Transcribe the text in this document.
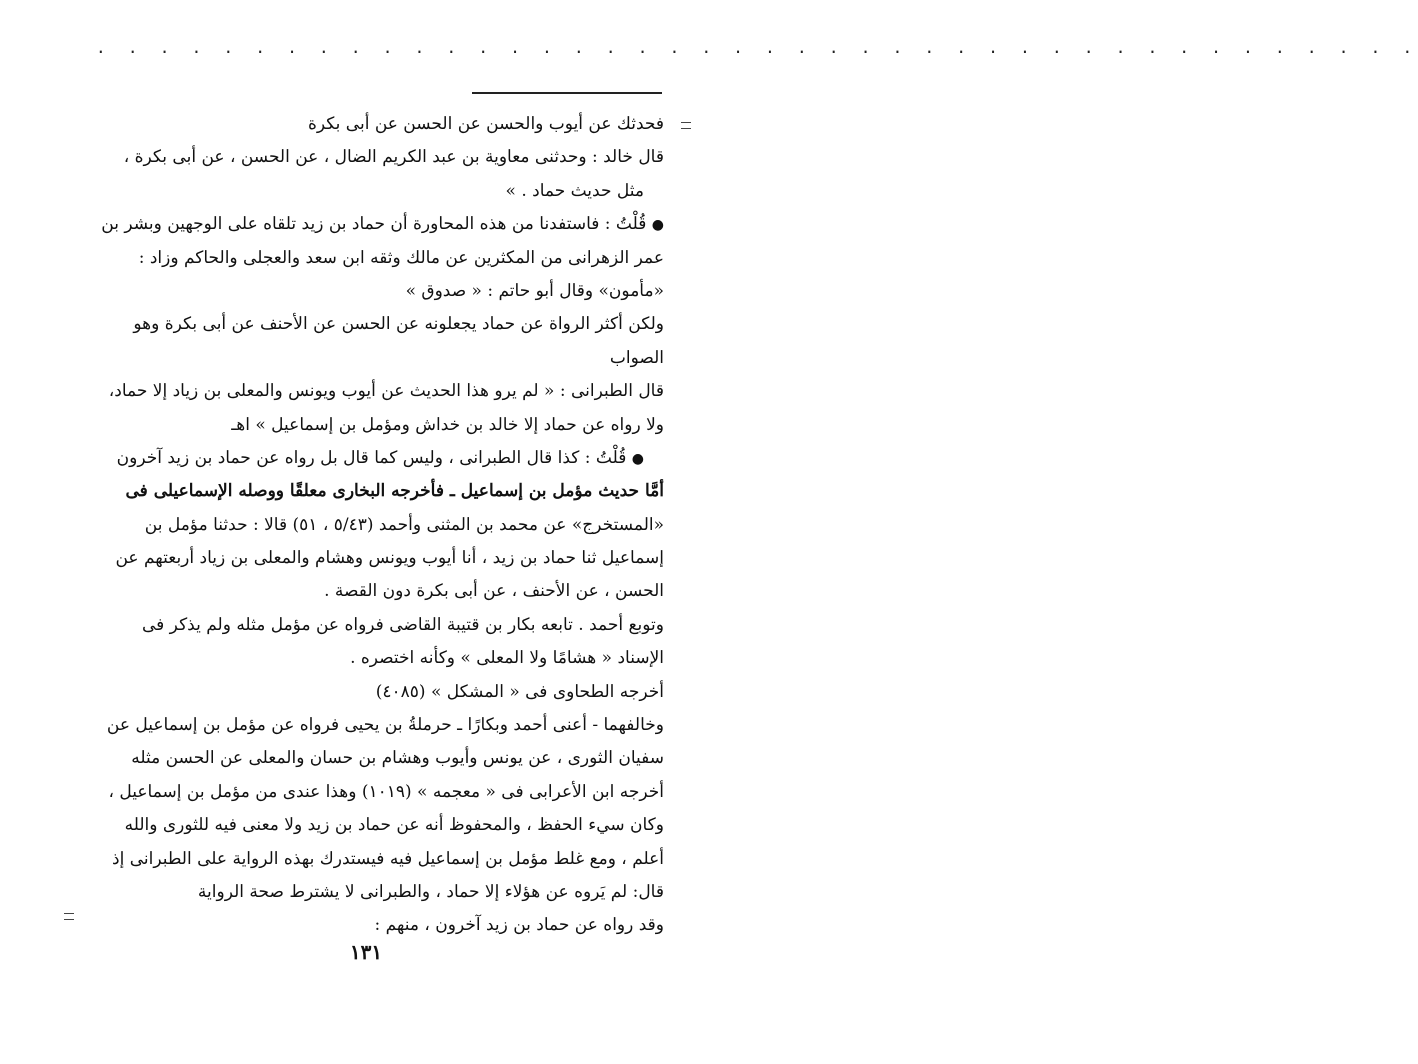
. . . . . . . . . . . . . . . . . . . . . . . . . . . . . . . . . . . . . . . . . .
فحدثك عن أيوب والحسن عن الحسن عن أبى بكرة
قال خالد : وحدثنى معاوية بن عبد الكريم الضال ، عن الحسن ، عن أبى بكرة ،
مثل حديث حماد . »
● قُلْتُ : فاستفدنا من هذه المحاورة أن حماد بن زيد تلقاه على الوجهين وبشر بن
عمر الزهرانى من المكثرين عن مالك وثقه ابن سعد والعجلى والحاكم وزاد :
«مأمون» وقال أبو حاتم : « صدوق »
ولكن أكثر الرواة عن حماد يجعلونه عن الحسن عن الأحنف عن أبى بكرة وهو
الصواب
قال الطبرانى : « لم يرو هذا الحديث عن أيوب ويونس والمعلى بن زياد إلا حماد،
ولا رواه عن حماد إلا خالد بن خداش ومؤمل بن إسماعيل » اهـ
● قُلْتُ : كذا قال الطبرانى ، وليس كما قال بل رواه عن حماد بن زيد آخرون
أمَّا حديث مؤمل بن إسماعيل ـ فأخرجه البخارى معلقًا ووصله الإسماعيلى فى
«المستخرج» عن محمد بن المثنى وأحمد (٥/٤٣ ، ٥١) قالا : حدثنا مؤمل بن
إسماعيل ثنا حماد بن زيد ، أنا أيوب ويونس وهشام والمعلى بن زياد أربعتهم عن
الحسن ، عن الأحنف ، عن أبى بكرة دون القصة .
وتوبع أحمد . تابعه بكار بن قتيبة القاضى فرواه عن مؤمل مثله ولم يذكر فى
الإسناد « هشامًا ولا المعلى » وكأنه اختصره .
أخرجه الطحاوى فى « المشكل » (٤٠٨٥)
وخالفهما - أعنى أحمد وبكارًا ـ حرملةُ بن يحيى فرواه عن مؤمل بن إسماعيل عن
سفيان الثورى ، عن يونس وأيوب وهشام بن حسان والمعلى عن الحسن مثله
أخرجه ابن الأعرابى فى « معجمه » (١٠١٩) وهذا عندى من مؤمل بن إسماعيل ،
وكان سيء الحفظ ، والمحفوظ أنه عن حماد بن زيد ولا معنى فيه للثورى والله
أعلم ، ومع غلط مؤمل بن إسماعيل فيه فيستدرك بهذه الرواية على الطبرانى إذ
قال: لم يَروه عن هؤلاء إلا حماد ، والطبرانى لا يشترط صحة الرواية
وقد رواه عن حماد بن زيد آخرون ، منهم :
١٣١
